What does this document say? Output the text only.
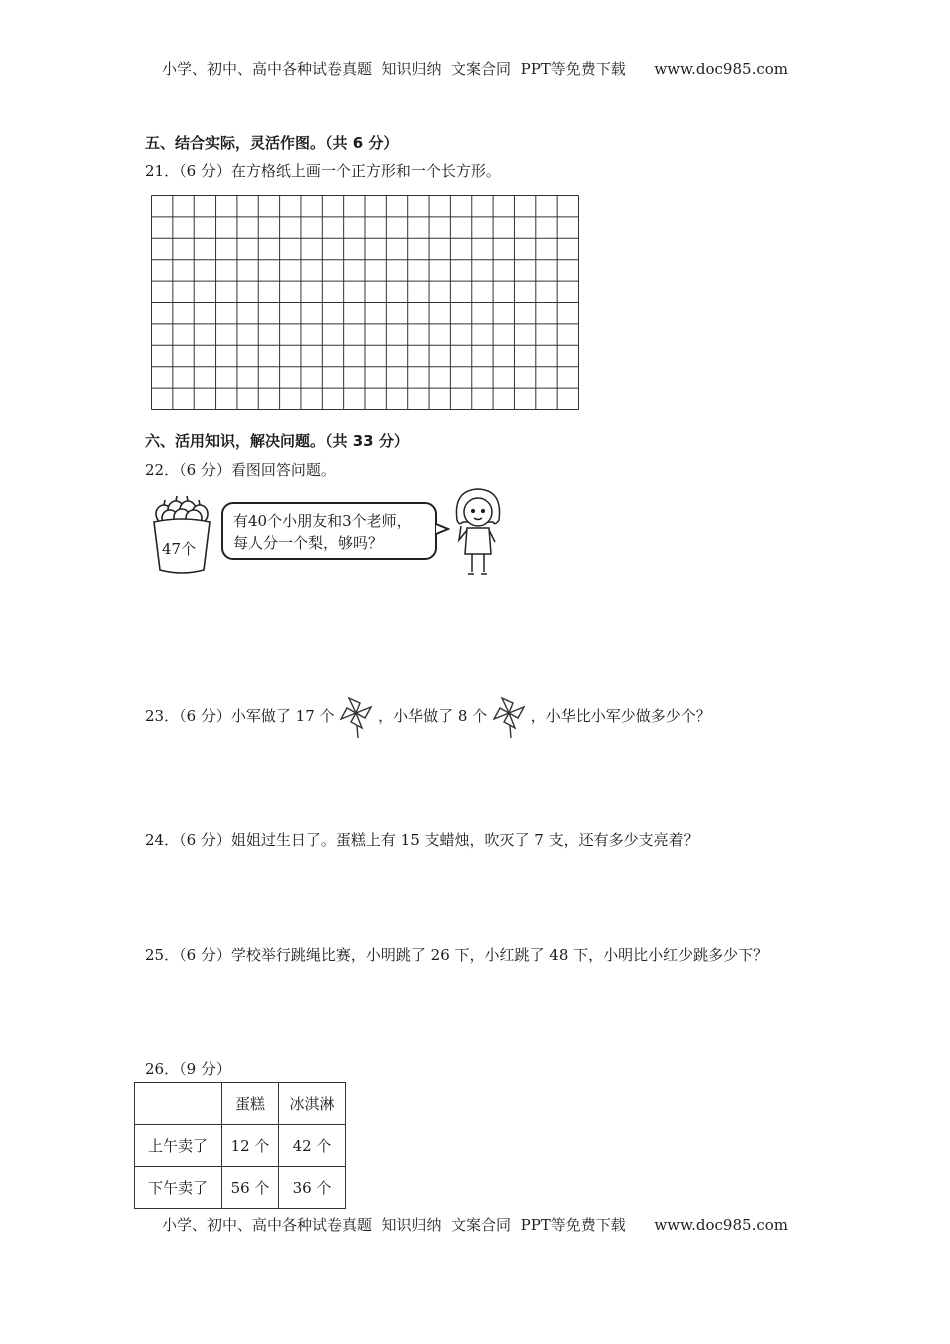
小学、初中、高中各种试卷真题  知识归纳  文案合同  PPT等免费下载      www.doc985.com
五、结合实际，灵活作图。（共 6 分）
21．（6 分）在方格纸上画一个正方形和一个长方形。
六、活用知识，解决问题。（共 33 分）
22．（6 分）看图回答问题。
47个
有40个小朋友和3个老师，
每人分一个梨，够吗？
23．（6 分）小军做了 17 个	，小华做了 8 个	，小华比小军少做多少个？
24．（6 分）姐姐过生日了。蛋糕上有 15 支蜡烛，吹灭了 7 支，还有多少支亮着？
25．（6 分）学校举行跳绳比赛，小明跳了 26 下，小红跳了 48 下，小明比小红少跳多少下？
26．（9 分）
	蛋糕	冰淇淋
上午卖了	12 个	42 个
下午卖了	56 个	36 个
小学、初中、高中各种试卷真题  知识归纳  文案合同  PPT等免费下载      www.doc985.com
